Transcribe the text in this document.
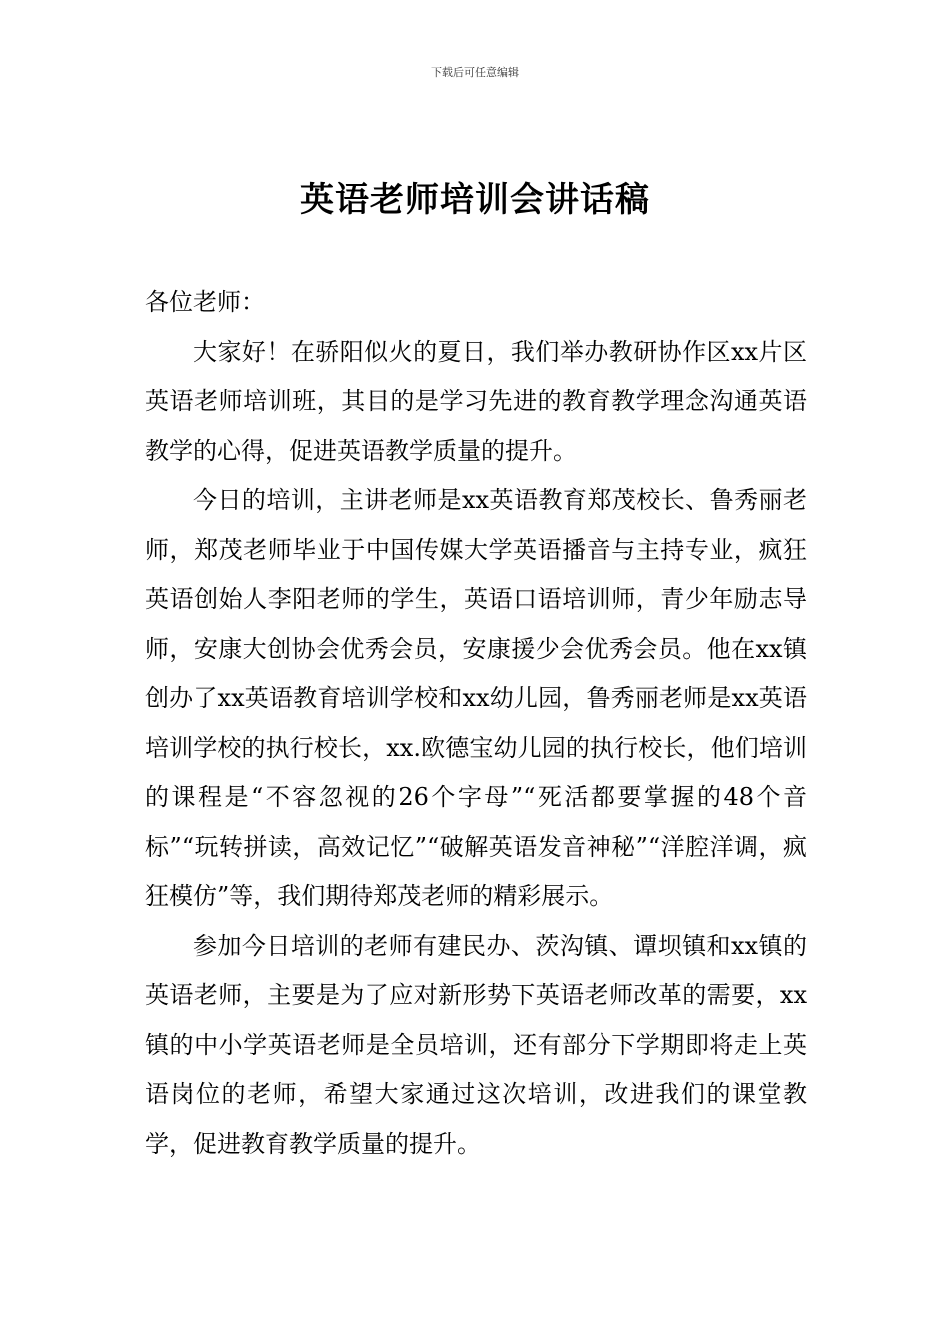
下载后可任意编辑
英语老师培训会讲话稿

各位老师：

大家好！在骄阳似火的夏日，我们举办教研协作区xx片区英语老师培训班，其目的是学习先进的教育教学理念沟通英语教学的心得，促进英语教学质量的提升。

今日的培训，主讲老师是xx英语教育郑茂校长、鲁秀丽老师，郑茂老师毕业于中国传媒大学英语播音与主持专业，疯狂英语创始人李阳老师的学生，英语口语培训师，青少年励志导师，安康大创协会优秀会员，安康援少会优秀会员。他在xx镇创办了xx英语教育培训学校和xx幼儿园，鲁秀丽老师是xx英语培训学校的执行校长，xx.欧德宝幼儿园的执行校长，他们培训的课程是“不容忽视的26个字母”“死活都要掌握的48个音标”“玩转拼读，高效记忆”“破解英语发音神秘”“洋腔洋调，疯狂模仿”等，我们期待郑茂老师的精彩展示。

参加今日培训的老师有建民办、茨沟镇、谭坝镇和xx镇的英语老师，主要是为了应对新形势下英语老师改革的需要，xx镇的中小学英语老师是全员培训，还有部分下学期即将走上英语岗位的老师，希望大家通过这次培训，改进我们的课堂教学，促进教育教学质量的提升。
